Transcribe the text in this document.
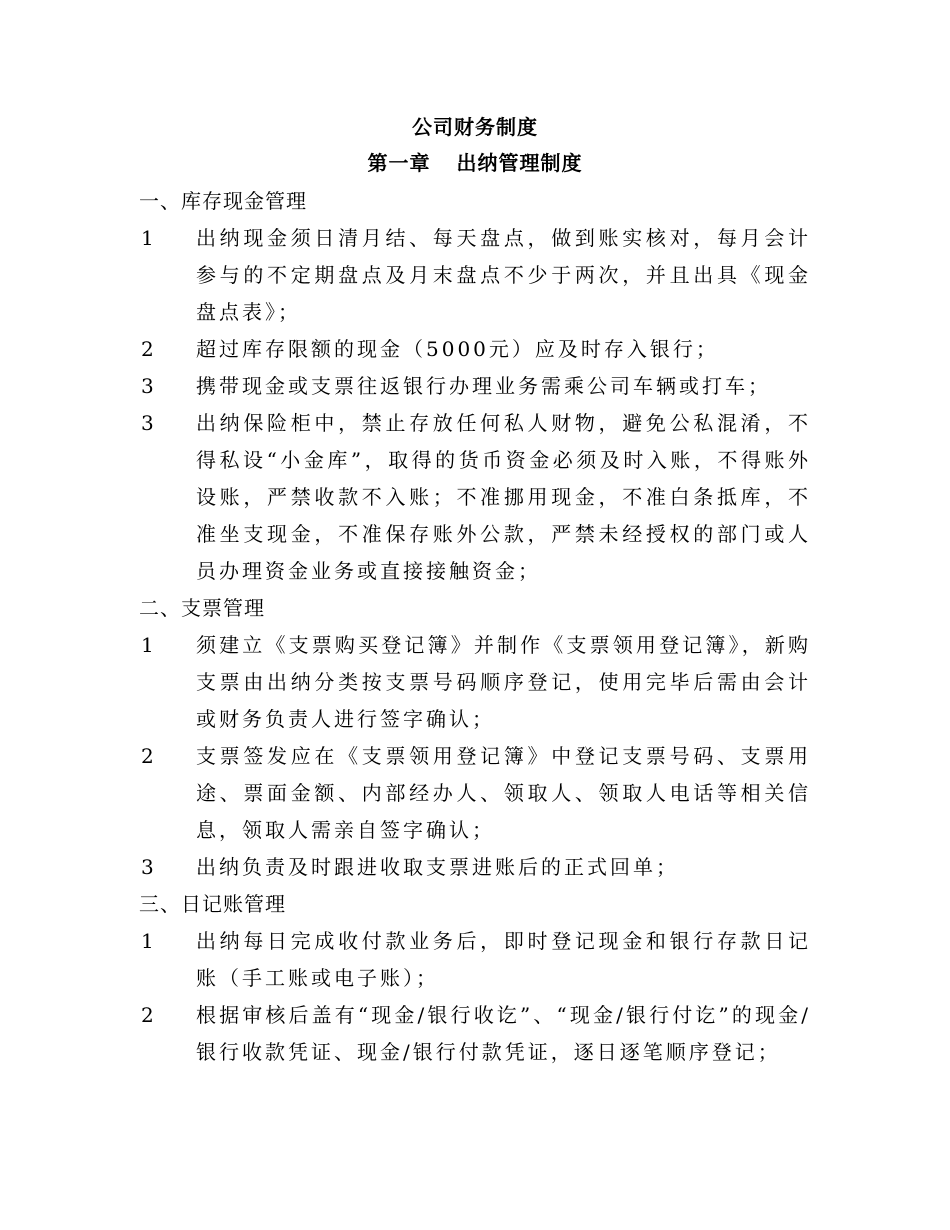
公司财务制度
第一章 出纳管理制度
一、库存现金管理
1 出纳现金须日清月结、每天盘点，做到账实核对，每月会计参与的不定期盘点及月末盘点不少于两次，并且出具《现金盘点表》；
2 超过库存限额的现金（5000元）应及时存入银行；
3 携带现金或支票往返银行办理业务需乘公司车辆或打车；
3 出纳保险柜中，禁止存放任何私人财物，避免公私混淆，不得私设“小金库”，取得的货币资金必须及时入账，不得账外设账，严禁收款不入账；不准挪用现金，不准白条抵库，不准坐支现金，不准保存账外公款，严禁未经授权的部门或人员办理资金业务或直接接触资金；
二、支票管理
1 须建立《支票购买登记簿》并制作《支票领用登记簿》，新购支票由出纳分类按支票号码顺序登记，使用完毕后需由会计或财务负责人进行签字确认；
2 支票签发应在《支票领用登记簿》中登记支票号码、支票用途、票面金额、内部经办人、领取人、领取人电话等相关信息，领取人需亲自签字确认；
3 出纳负责及时跟进收取支票进账后的正式回单；
三、日记账管理
1 出纳每日完成收付款业务后，即时登记现金和银行存款日记账（手工账或电子账）；
2 根据审核后盖有“现金/银行收讫”、“现金/银行付讫”的现金/银行收款凭证、现金/银行付款凭证，逐日逐笔顺序登记；
